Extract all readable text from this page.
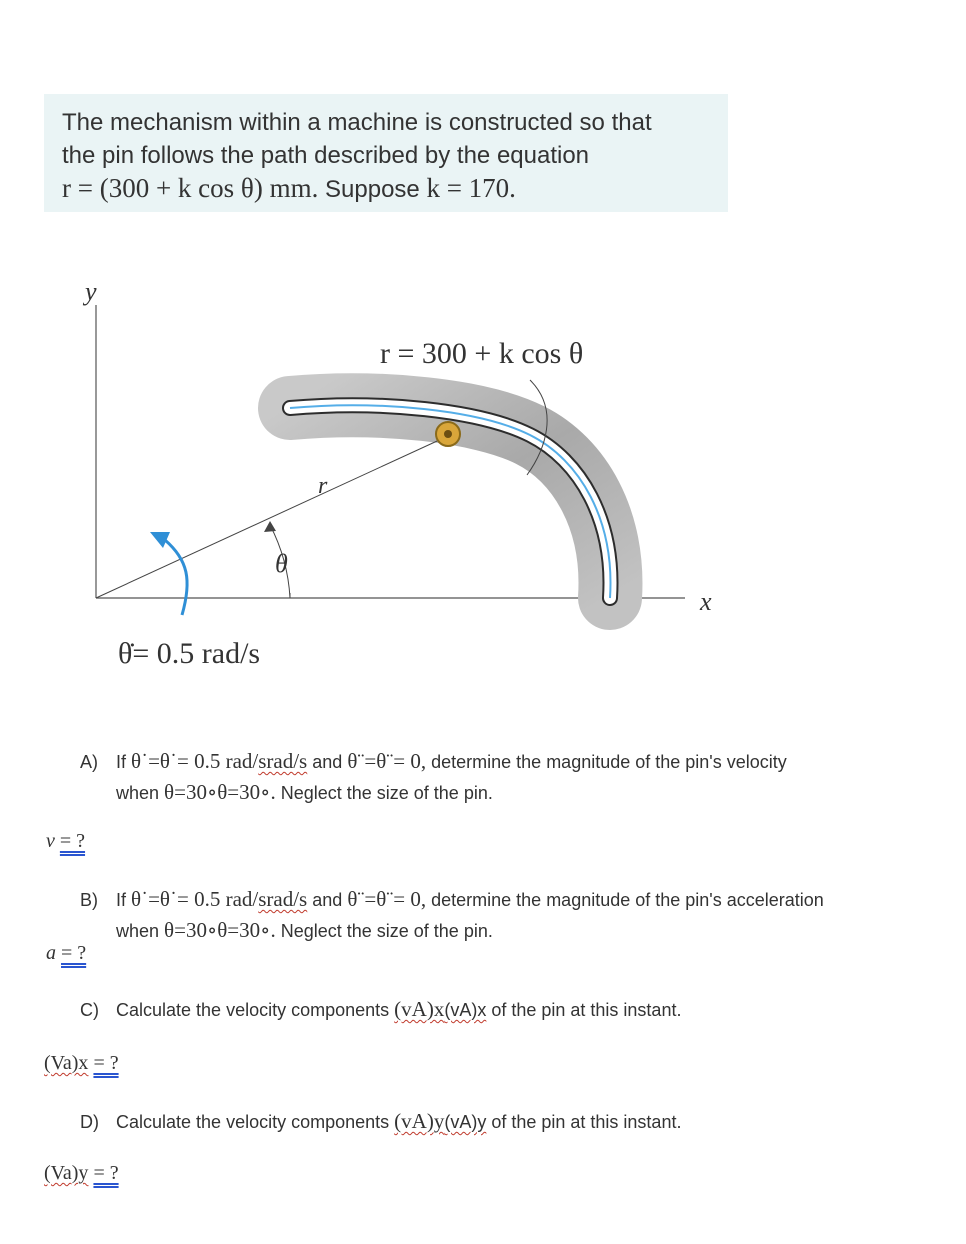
The mechanism within a machine is constructed so that
the pin follows the path described by the equation
r = (300 + k cos θ) mm. Suppose k = 170.
y
x
r
r = 300 + k cos θ
θ
θ̇= 0.5 rad/s
A) If θ˙=θ˙= 0.5 rad/srad/s and θ¨=θ¨= 0, determine the magnitude of the pin's velocity
when θ=30∘θ=30∘. Neglect the size of the pin.
v = ?
B) If θ˙=θ˙= 0.5 rad/srad/s and θ¨=θ¨= 0, determine the magnitude of the pin's acceleration
when θ=30∘θ=30∘. Neglect the size of the pin.
a = ?
C) Calculate the velocity components (vA)x(vA)x of the pin at this instant.
(Va)x = ?
D) Calculate the velocity components (vA)y(vA)y of the pin at this instant.
(Va)y = ?
